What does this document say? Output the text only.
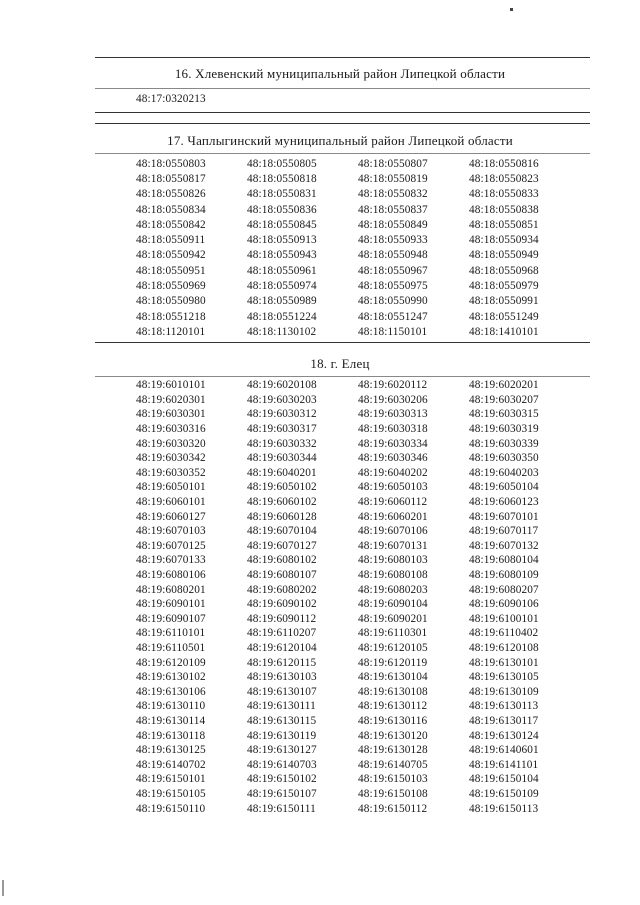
16. Хлевенский муниципальный район Липецкой области
48:17:0320213
17. Чаплыгинский муниципальный район Липецкой области
48:18:0550803	48:18:0550805	48:18:0550807	48:18:0550816
48:18:0550817	48:18:0550818	48:18:0550819	48:18:0550823
48:18:0550826	48:18:0550831	48:18:0550832	48:18:0550833
48:18:0550834	48:18:0550836	48:18:0550837	48:18:0550838
48:18:0550842	48:18:0550845	48:18:0550849	48:18:0550851
48:18:0550911	48:18:0550913	48:18:0550933	48:18:0550934
48:18:0550942	48:18:0550943	48:18:0550948	48:18:0550949
48:18:0550951	48:18:0550961	48:18:0550967	48:18:0550968
48:18:0550969	48:18:0550974	48:18:0550975	48:18:0550979
48:18:0550980	48:18:0550989	48:18:0550990	48:18:0550991
48:18:0551218	48:18:0551224	48:18:0551247	48:18:0551249
48:18:1120101	48:18:1130102	48:18:1150101	48:18:1410101
18. г. Елец
48:19:6010101	48:19:6020108	48:19:6020112	48:19:6020201
48:19:6020301	48:19:6030203	48:19:6030206	48:19:6030207
48:19:6030301	48:19:6030312	48:19:6030313	48:19:6030315
48:19:6030316	48:19:6030317	48:19:6030318	48:19:6030319
48:19:6030320	48:19:6030332	48:19:6030334	48:19:6030339
48:19:6030342	48:19:6030344	48:19:6030346	48:19:6030350
48:19:6030352	48:19:6040201	48:19:6040202	48:19:6040203
48:19:6050101	48:19:6050102	48:19:6050103	48:19:6050104
48:19:6060101	48:19:6060102	48:19:6060112	48:19:6060123
48:19:6060127	48:19:6060128	48:19:6060201	48:19:6070101
48:19:6070103	48:19:6070104	48:19:6070106	48:19:6070117
48:19:6070125	48:19:6070127	48:19:6070131	48:19:6070132
48:19:6070133	48:19:6080102	48:19:6080103	48:19:6080104
48:19:6080106	48:19:6080107	48:19:6080108	48:19:6080109
48:19:6080201	48:19:6080202	48:19:6080203	48:19:6080207
48:19:6090101	48:19:6090102	48:19:6090104	48:19:6090106
48:19:6090107	48:19:6090112	48:19:6090201	48:19:6100101
48:19:6110101	48:19:6110207	48:19:6110301	48:19:6110402
48:19:6110501	48:19:6120104	48:19:6120105	48:19:6120108
48:19:6120109	48:19:6120115	48:19:6120119	48:19:6130101
48:19:6130102	48:19:6130103	48:19:6130104	48:19:6130105
48:19:6130106	48:19:6130107	48:19:6130108	48:19:6130109
48:19:6130110	48:19:6130111	48:19:6130112	48:19:6130113
48:19:6130114	48:19:6130115	48:19:6130116	48:19:6130117
48:19:6130118	48:19:6130119	48:19:6130120	48:19:6130124
48:19:6130125	48:19:6130127	48:19:6130128	48:19:6140601
48:19:6140702	48:19:6140703	48:19:6140705	48:19:6141101
48:19:6150101	48:19:6150102	48:19:6150103	48:19:6150104
48:19:6150105	48:19:6150107	48:19:6150108	48:19:6150109
48:19:6150110	48:19:6150111	48:19:6150112	48:19:6150113
